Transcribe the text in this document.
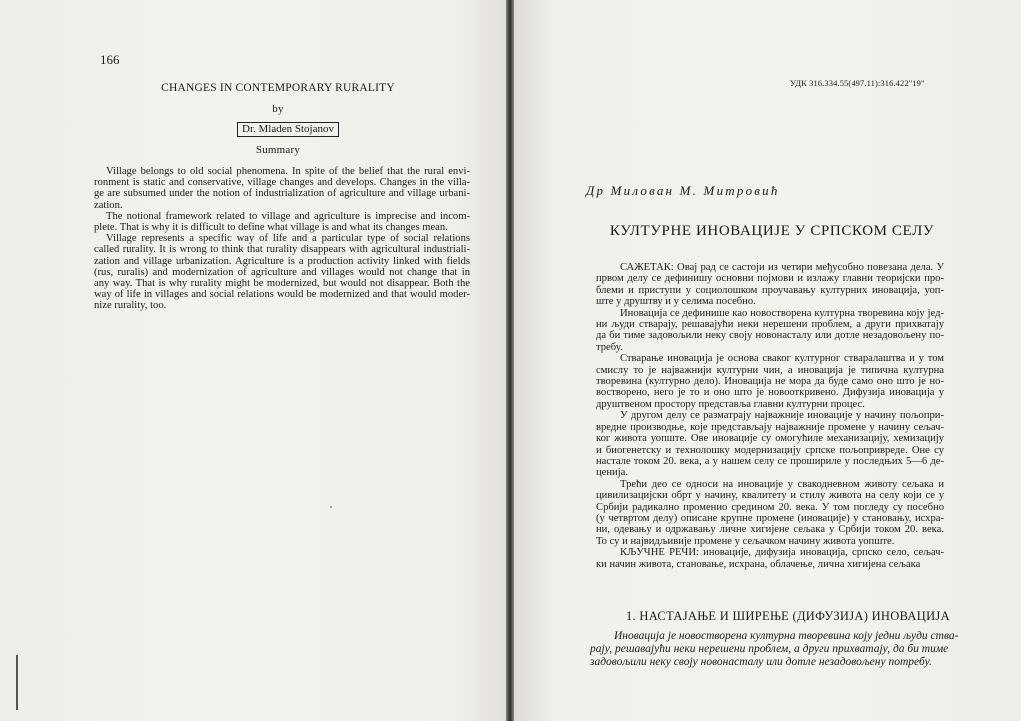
166
CHANGES IN CONTEMPORARY RURALITY
by
Dr. Mladen Stojanov
Summary
Village belongs to old social phenomena. In spite of the belief that the rural envi-
ronment is static and conservative, village changes and develops. Changes in the villa-
ge are subsumed under the notion of industrialization of agriculture and village urbani-
zation.
The notional framework related to village and agriculture is imprecise and incom-
plete. That is why it is difficult to define what village is and what its changes mean.
Village represents a specific way of life and a particular type of social relations
called rurality. It is wrong to think that rurality disappears with agricultural industriali-
zation and village urbanization. Agriculture is a production activity linked with fields
(rus, ruralis) and modernization of agriculture and villages would not change that in
any way. That is why rurality might be modernized, but would not disappear. Both the
way of life in villages and social relations would be modernized and that would moder-
nize rurality, too.
УДК 316.334.55(497.11):316.422"19"
Др Милован М. Митровић
КУЛТУРНЕ ИНОВАЦИЈЕ У СРПСКОМ СЕЛУ
САЖЕТАК: Овај рад се састоји из четири међусобно повезана дела. У
првом делу се дефинишу основни појмови и излажу главни теоријски про-
блеми и приступи у социолошком проучавању културних иновација, уоп-
ште у друштву и у селима посебно.
Иновација се дефинише као новостворена културна творевина коју јед-
ни људи стварају, решавајући неки нерешени проблем, а други прихватају
да би тиме задовољили неку своју новонасталу или дотле незадовољену по-
требу.
Стварање иновација је основа сваког културног стваралаштва и у том
смислу то је најважнији културни чин, а иновација је типична културна
творевина (културно дело). Иновација не мора да буде само оно што је но-
востворено, него је то и оно што је новооткривено. Дифузија иновација у
друштвеном простору представља главни културни процес.
У другом делу се разматрају најважније иновације у начину пољопри-
вредне производње, које представљају најважније промене у начину сељач-
ког живота уопште. Ове иновације су омогућиле механизацију, хемизацију
и биогенетску и технолошку модернизацију српске пољопривреде. Оне су
настале током 20. века, а у нашем селу се прошириле у последњих 5—6 де-
ценија.
Трећи део се односи на иновације у свакодневном животу сељака и
цивилизацијски обрт у начину, квалитету и стилу живота на селу који се у
Србији радикално променио средином 20. века. У том погледу су посебно
(у четвртом делу) описане крупне промене (иновације) у становању, исхра-
ни, одевању и одржавању личне хигијене сељака у Србији током 20. века.
То су и највидљивије промене у сељачком начину живота уопште.
КЉУЧНЕ РЕЧИ: иновације, дифузија иновација, српско село, сељач-
ки начин живота, становање, исхрана, облачење, лична хигијена сељака
1. НАСТАЈАЊЕ И ШИРЕЊЕ (ДИФУЗИЈА) ИНОВАЦИЈА
Иновација је новостворена културна творевина коју једни људи ства-
рају, решавајући неки нерешени проблем, а други прихватају, да би тиме
задовољили неку своју новонасталу или дотле незадовољену потребу.
